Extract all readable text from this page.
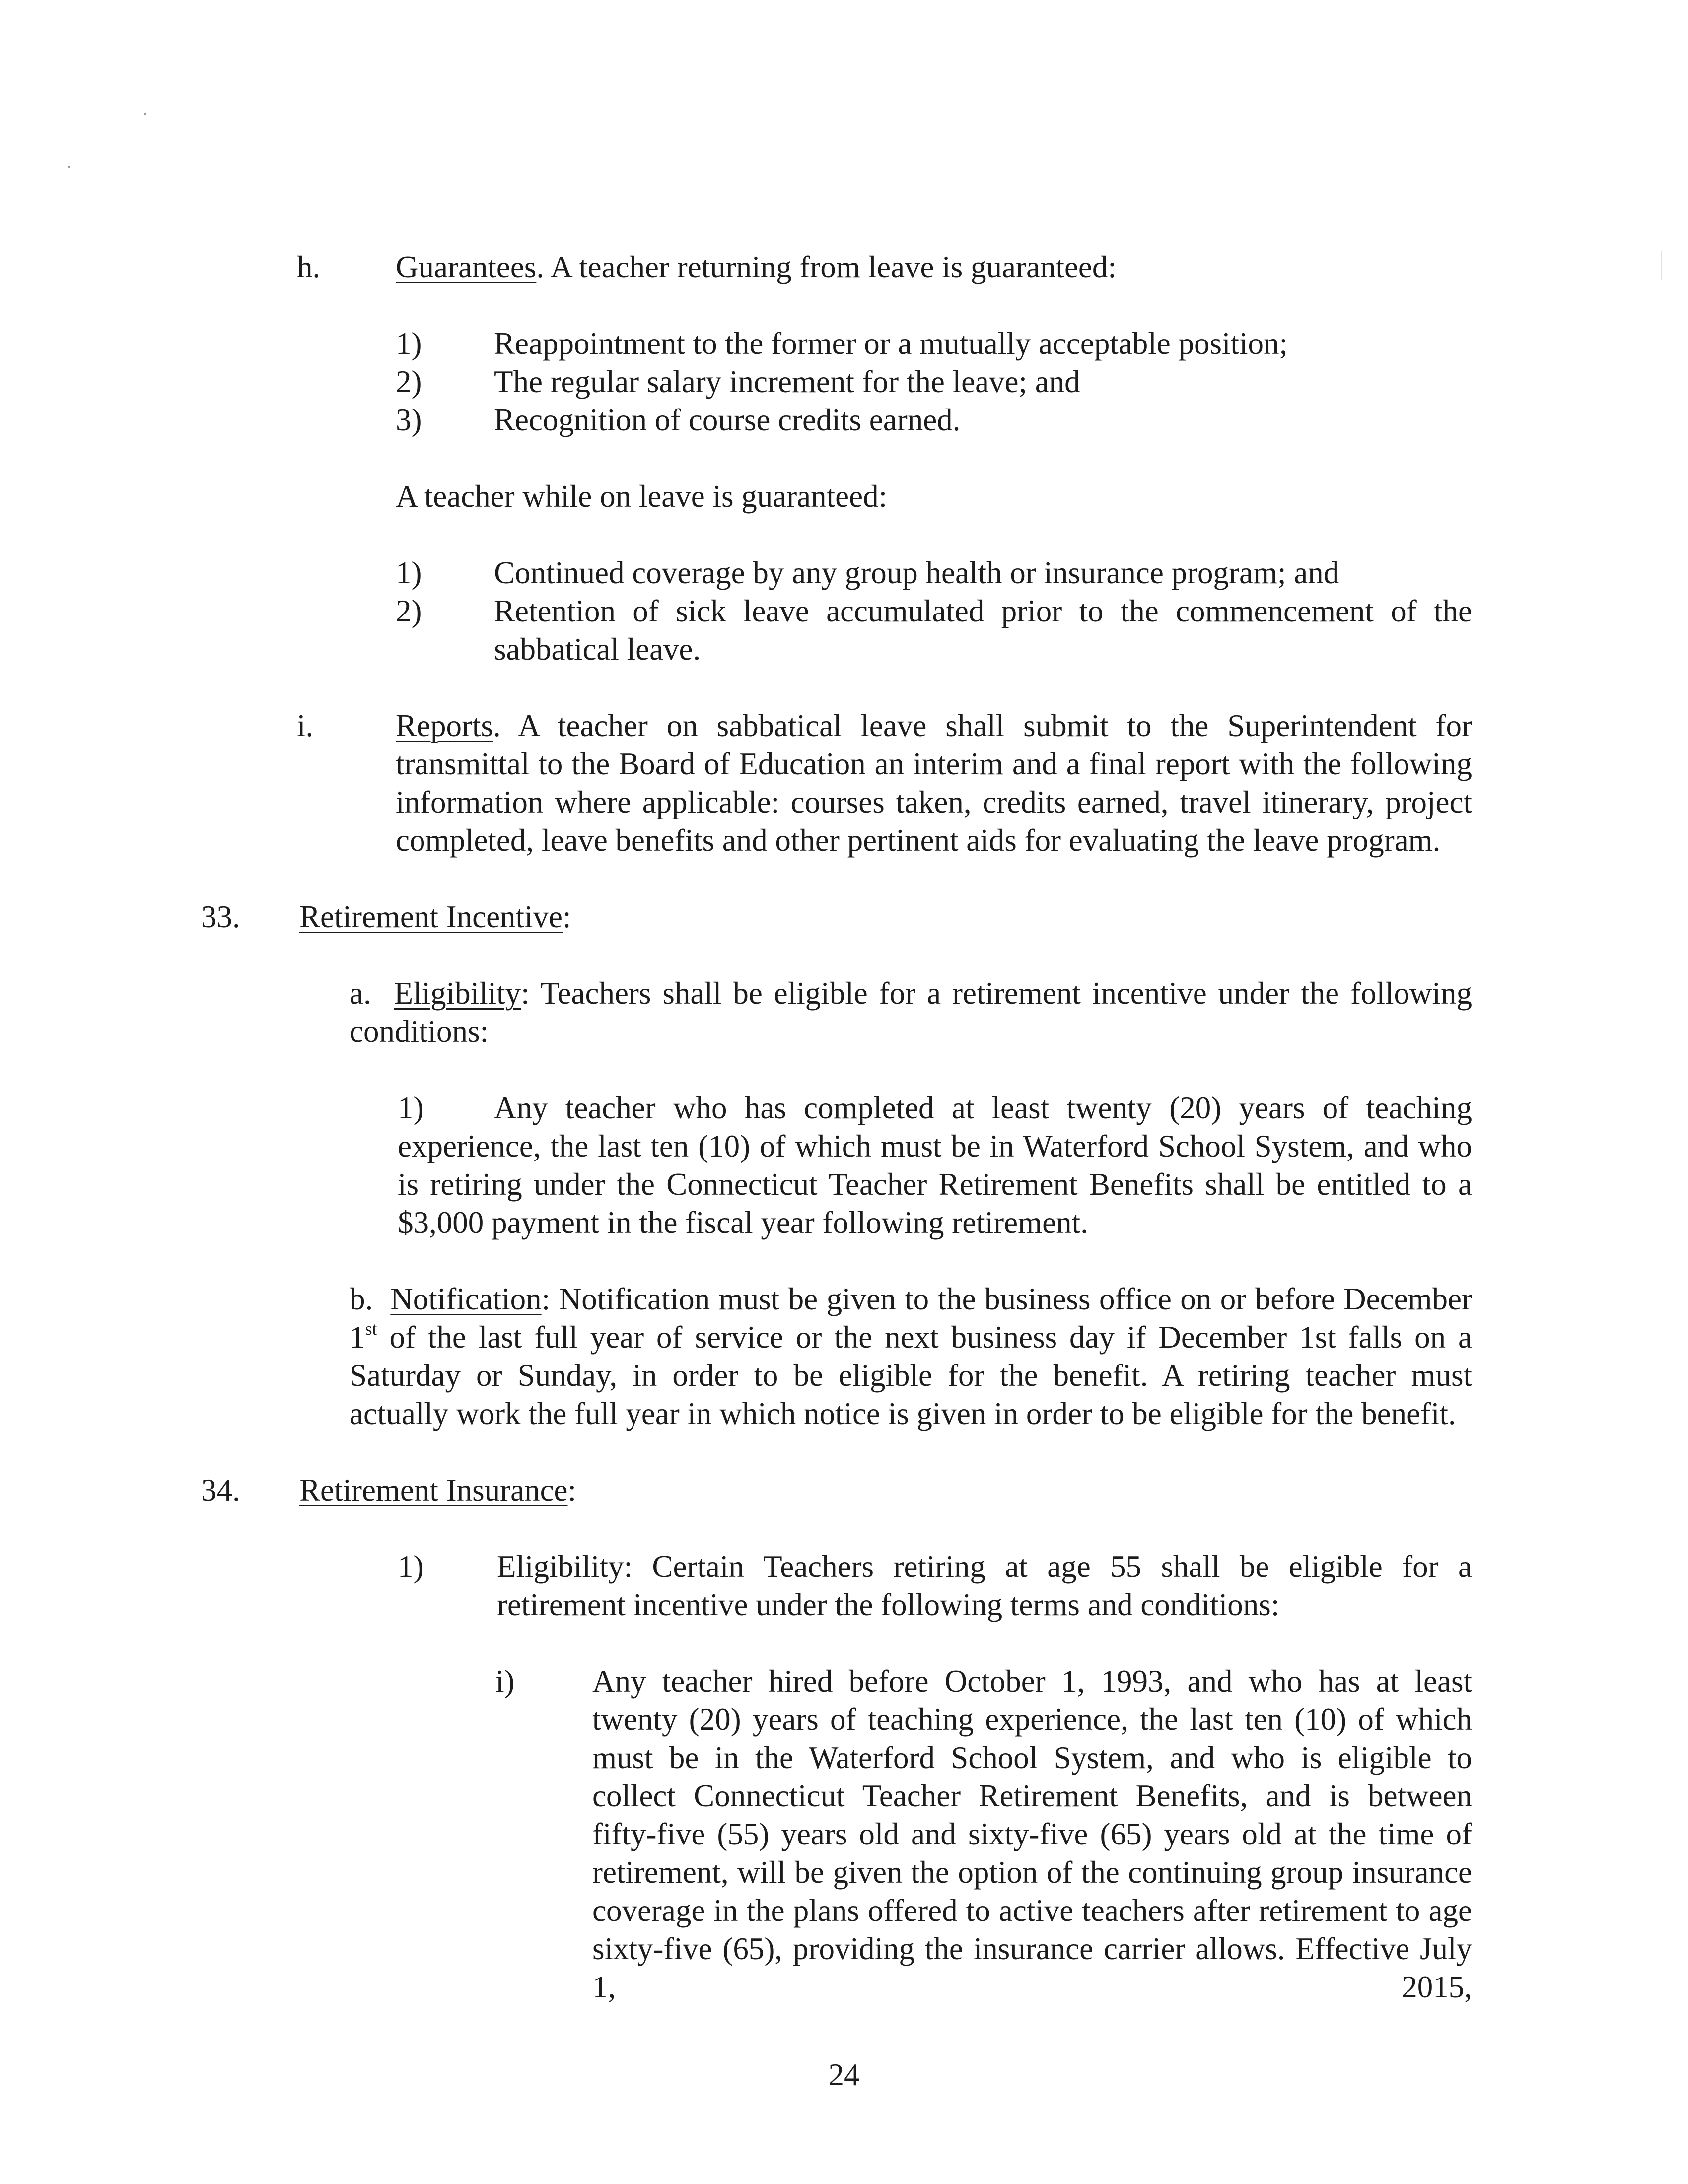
h. Guarantees. A teacher returning from leave is guaranteed:
1) Reappointment to the former or a mutually acceptable position;
2) The regular salary increment for the leave; and
3) Recognition of course credits earned.
A teacher while on leave is guaranteed:
1) Continued coverage by any group health or insurance program; and
2) Retention of sick leave accumulated prior to the commencement of the

sabbatical leave.

i.	Reports. A teacher on sabbatical leave shall submit to the Superintendent for

transmittal to the Board of Education an interim and a final report with the following information where applicable: courses taken, credits earned, travel itinerary, project completed, leave benefits and other pertinent aids for evaluating the leave program.

33. Retirement Incentive:

a. Eligibility: Teachers shall be eligible for a retirement incentive under the following conditions:

1) Any teacher who has completed at least twenty (20) years of teaching

experience, the last ten (10) of which must be in Waterford School System, and who is retiring under the Connecticut Teacher Retirement Benefits shall be entitled to a $3,000 payment in the fiscal year following retirement.

b. Notification: Notification must be given to the business office on or before December

1st of the last full year of service or the next business day if December 1st falls on a Saturday or Sunday, in order to be eligible for the benefit. A retiring teacher must actually work the full year in which notice is given in order to be eligible for the benefit.

34. Retirement Insurance:
1) Eligibility: Certain Teachers retiring at age 55 shall be eligible for a retirement incentive under the following terms and conditions:

i) Any teacher hired before October 1, 1993, and who has at least twenty (20) years of teaching experience, the last ten (10) of which must be in the Waterford School System, and who is eligible to collect Connecticut Teacher Retirement Benefits, and is between fifty-five (55) years old and sixty-five (65) years old at the time of retirement, will be given the option of the continuing group insurance coverage in the plans offered to active teachers after retirement to age sixty-five (65), providing the insurance carrier allows. Effective July 1, 2015,

24
